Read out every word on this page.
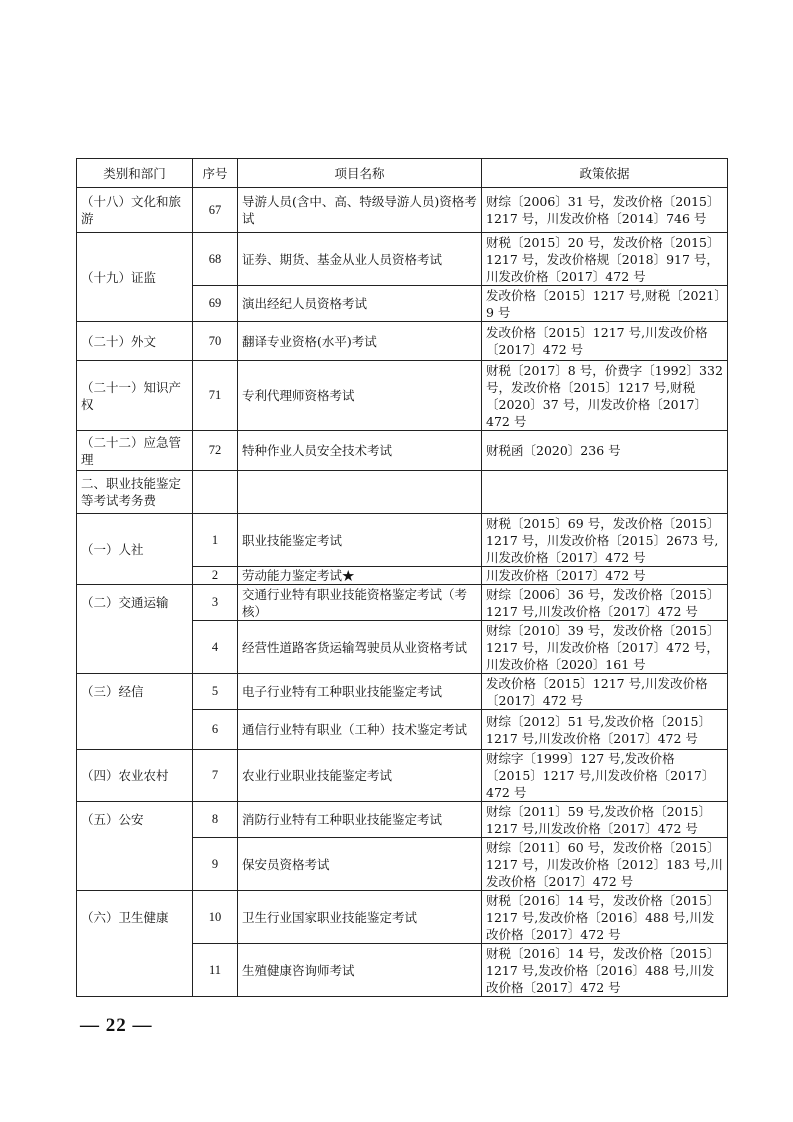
类别和部门	序号	项目名称	政策依据
（十八）文化和旅游	67	导游人员(含中、高、特级导游人员)资格考试	财综〔2006〕31 号，发改价格〔2015〕1217 号，川发改价格〔2014〕746 号
（十九）证监	68	证券、期货、基金从业人员资格考试	财税〔2015〕20 号，发改价格〔2015〕1217 号，发改价格规〔2018〕917 号，川发改价格〔2017〕472 号
	69	演出经纪人员资格考试	发改价格〔2015〕1217 号,财税〔2021〕9 号
（二十）外文	70	翻译专业资格(水平)考试	发改价格〔2015〕1217 号,川发改价格〔2017〕472 号
（二十一）知识产权	71	专利代理师资格考试	财税〔2017〕8 号，价费字〔1992〕332 号，发改价格〔2015〕1217 号,财税〔2020〕37 号，川发改价格〔2017〕472 号
（二十二）应急管理	72	特种作业人员安全技术考试	财税函〔2020〕236 号
二、职业技能鉴定等考试考务费			
（一）人社	1	职业技能鉴定考试	财税〔2015〕69 号，发改价格〔2015〕1217 号，川发改价格〔2015〕2673 号,川发改价格〔2017〕472 号
	2	劳动能力鉴定考试★	川发改价格〔2017〕472 号
（二）交通运输	3	交通行业特有职业技能资格鉴定考试（考核）	财综〔2006〕36 号，发改价格〔2015〕1217 号,川发改价格〔2017〕472 号
	4	经营性道路客货运输驾驶员从业资格考试	财综〔2010〕39 号，发改价格〔2015〕1217 号，川发改价格〔2017〕472 号，川发改价格〔2020〕161 号
（三）经信	5	电子行业特有工种职业技能鉴定考试	发改价格〔2015〕1217 号,川发改价格〔2017〕472 号
	6	通信行业特有职业（工种）技术鉴定考试	财综〔2012〕51 号,发改价格〔2015〕1217 号,川发改价格〔2017〕472 号
（四）农业农村	7	农业行业职业技能鉴定考试	财综字〔1999〕127 号,发改价格〔2015〕1217 号,川发改价格〔2017〕472 号
（五）公安	8	消防行业特有工种职业技能鉴定考试	财综〔2011〕59 号,发改价格〔2015〕1217 号,川发改价格〔2017〕472 号
	9	保安员资格考试	财综〔2011〕60 号，发改价格〔2015〕1217 号，川发改价格〔2012〕183 号,川发改价格〔2017〕472 号
（六）卫生健康	10	卫生行业国家职业技能鉴定考试	财税〔2016〕14 号，发改价格〔2015〕1217 号,发改价格〔2016〕488 号,川发改价格〔2017〕472 号
	11	生殖健康咨询师考试	财税〔2016〕14 号，发改价格〔2015〕1217 号,发改价格〔2016〕488 号,川发改价格〔2017〕472 号
— 22 —
